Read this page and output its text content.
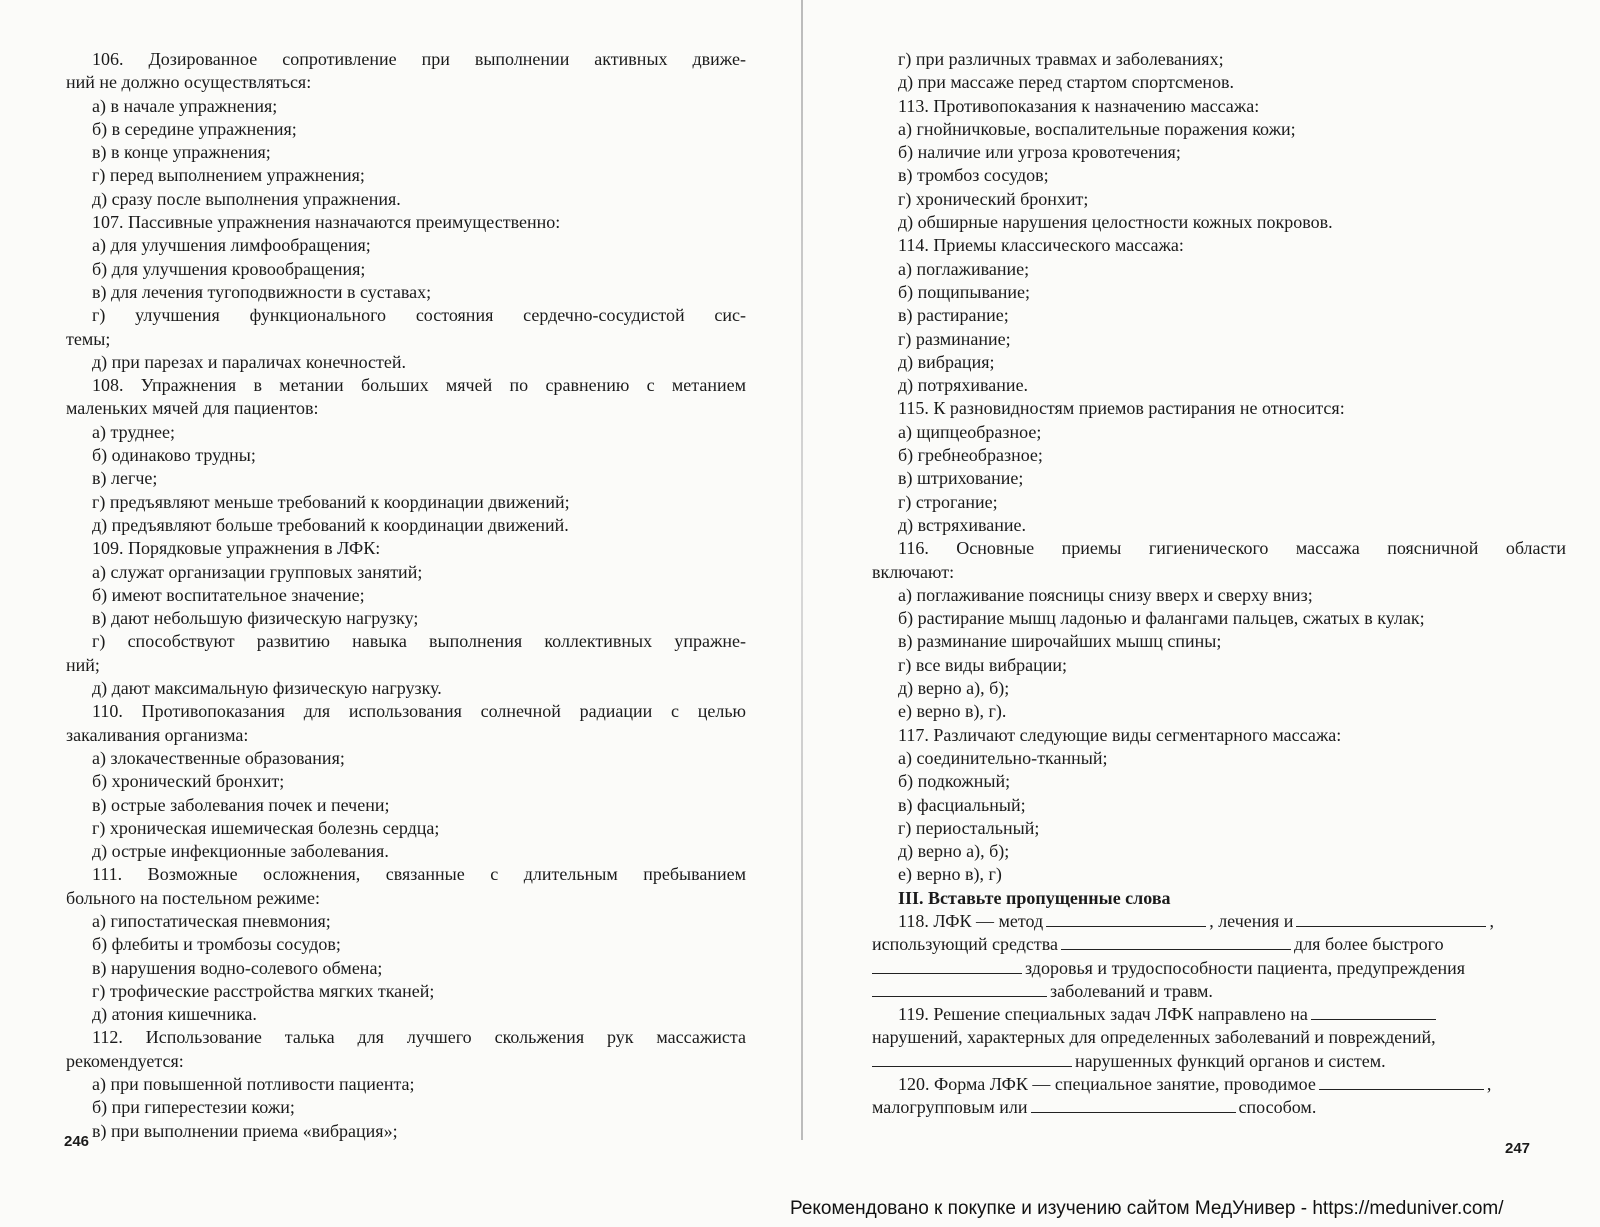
106. Дозированное сопротивление при выполнении активных движе-
ний не должно осуществляться:
а) в начале упражнения;
б) в середине упражнения;
в) в конце упражнения;
г) перед выполнением упражнения;
д) сразу после выполнения упражнения.
107. Пассивные упражнения назначаются преимущественно:
а) для улучшения лимфообращения;
б) для улучшения кровообращения;
в) для лечения тугоподвижности в суставах;
г) улучшения функционального состояния сердечно-сосудистой сис-
темы;
д) при парезах и параличах конечностей.
108. Упражнения в метании больших мячей по сравнению с метанием
маленьких мячей для пациентов:
а) труднее;
б) одинаково трудны;
в) легче;
г) предъявляют меньше требований к координации движений;
д) предъявляют больше требований к координации движений.
109. Порядковые упражнения в ЛФК:
а) служат организации групповых занятий;
б) имеют воспитательное значение;
в) дают небольшую физическую нагрузку;
г) способствуют развитию навыка выполнения коллективных упражне-
ний;
д) дают максимальную физическую нагрузку.
110. Противопоказания для использования солнечной радиации с целью
закаливания организма:
а) злокачественные образования;
б) хронический бронхит;
в) острые заболевания почек и печени;
г) хроническая ишемическая болезнь сердца;
д) острые инфекционные заболевания.
111. Возможные осложнения, связанные с длительным пребыванием
больного на постельном режиме:
а) гипостатическая пневмония;
б) флебиты и тромбозы сосудов;
в) нарушения водно-солевого обмена;
г) трофические расстройства мягких тканей;
д) атония кишечника.
112. Использование талька для лучшего скольжения рук массажиста
рекомендуется:
а) при повышенной потливости пациента;
б) при гиперестезии кожи;
в) при выполнении приема «вибрация»;
246
г) при различных травмах и заболеваниях;
д) при массаже перед стартом спортсменов.
113. Противопоказания к назначению массажа:
а) гнойничковые, воспалительные поражения кожи;
б) наличие или угроза кровотечения;
в) тромбоз сосудов;
г) хронический бронхит;
д) обширные нарушения целостности кожных покровов.
114. Приемы классического массажа:
а) поглаживание;
б) пощипывание;
в) растирание;
г) разминание;
д) вибрация;
д) потряхивание.
115. К разновидностям приемов растирания не относится:
а) щипцеобразное;
б) гребнеобразное;
в) штрихование;
г) строгание;
д) встряхивание.
116. Основные приемы гигиенического массажа поясничной области
включают:
а) поглаживание поясницы снизу вверх и сверху вниз;
б) растирание мышц ладонью и фалангами пальцев, сжатых в кулак;
в) разминание широчайших мышц спины;
г) все виды вибрации;
д) верно а), б);
е) верно в), г).
117. Различают следующие виды сегментарного массажа:
а) соединительно-тканный;
б) подкожный;
в) фасциальный;
г) периостальный;
д) верно а), б);
е) верно в), г)
III. Вставьте пропущенные слова
118. ЛФК — метод	, лечения и	,
использующий средства	для более быстрого
здоровья и трудоспособности пациента, предупреждения
заболеваний и травм.
119. Решение специальных задач ЛФК направлено на
нарушений, характерных для определенных заболеваний и повреждений,
нарушенных функций органов и систем.
120. Форма ЛФК — специальное занятие, проводимое	,
малогрупповым или	способом.
247
Рекомендовано к покупке и изучению сайтом МедУнивер - https://meduniver.com/
